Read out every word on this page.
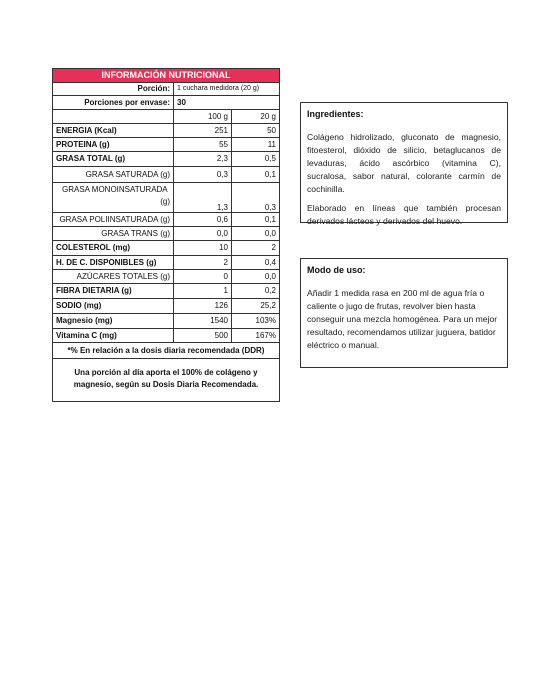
INFORMACIÓN NUTRICIONAL
Porción:	1 cuchara medidora (20 g)
Porciones por envase: 30
100 g	20 g
ENERGIA (Kcal)	251	50
PROTEINA (g)	55	11
GRASA TOTAL (g)	2,3	0,5
GRASA SATURADA (g)	0,3	0,1
GRASA MONOINSATURADA
(g)
1,3	0,3
GRASA POLIINSATURADA (g)	0,6	0,1
GRASA TRANS (g)	0,0	0,0
COLESTEROL (mg)	10	2
H. DE C. DISPONIBLES (g)	2	0,4
AZÚCARES TOTALES (g)	0	0,0
FIBRA DIETARIA (g)	1	0,2
SODIO (mg)	126	25,2
Magnesio (mg)	1540	103%
Vitamina C (mg)	500	167%
*% En relación a la dosis diaria recomendada (DDR)
Una porción al día aporta el 100% de colágeno y magnesio, según su Dosis Diaria Recomendada.
Ingredientes:

Colágeno hidrolizado, gluconato de magnesio, fitoesterol, dióxido de silicio, betaglucanos de levaduras, ácido ascórbico (vitamina C), sucralosa, sabor natural, colorante carmín de cochinilla.

Elaborado en líneas que también procesan derivados lácteos y derivados del huevo.

Modo de uso:

Añadir 1 medida rasa en 200 ml de agua fría o caliente o jugo de frutas, revolver bien hasta conseguir una mezcla homogénea. Para un mejor resultado, recomendamos utilizar juguera, batidor eléctrico o manual.
